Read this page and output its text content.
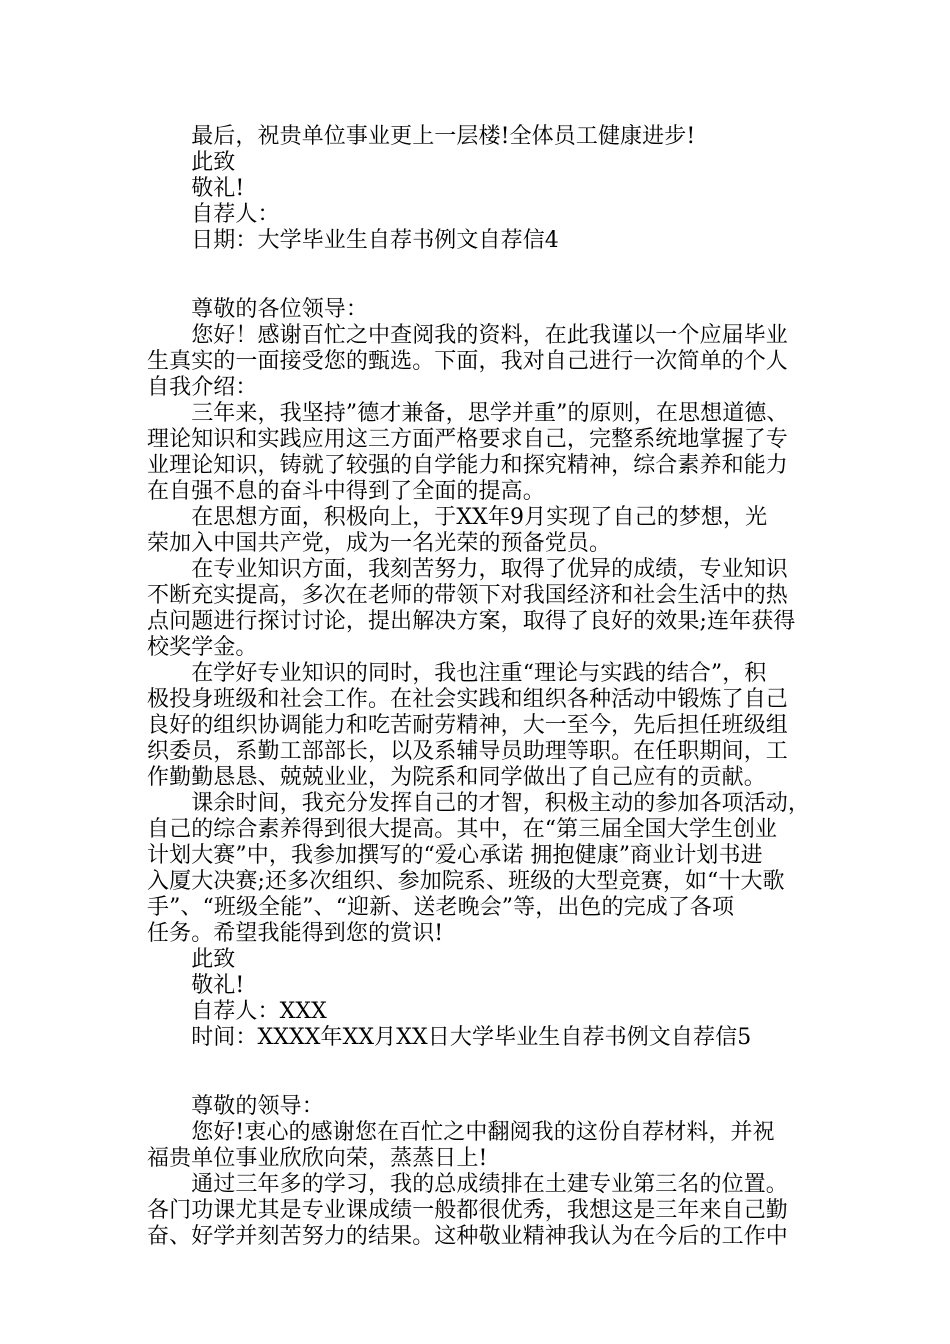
　　最后，祝贵单位事业更上一层楼!全体员工健康进步!
　　此致
　　敬礼!
　　自荐人：
　　日期：大学毕业生自荐书例文自荐信4
　　尊敬的各位领导：
　　您好！感谢百忙之中查阅我的资料，在此我谨以一个应届毕业
生真实的一面接受您的甄选。下面，我对自己进行一次简单的个人
自我介绍：
　　三年来，我坚持”德才兼备，思学并重”的原则，在思想道德、
理论知识和实践应用这三方面严格要求自己，完整系统地掌握了专
业理论知识，铸就了较强的自学能力和探究精神，综合素养和能力
在自强不息的奋斗中得到了全面的提高。
　　在思想方面，积极向上，于XX年9月实现了自己的梦想，光
荣加入中国共产党，成为一名光荣的预备党员。
　　在专业知识方面，我刻苦努力，取得了优异的成绩，专业知识
不断充实提高，多次在老师的带领下对我国经济和社会生活中的热
点问题进行探讨讨论，提出解决方案，取得了良好的效果;连年获得
校奖学金。
　　在学好专业知识的同时，我也注重“理论与实践的结合”，积
极投身班级和社会工作。在社会实践和组织各种活动中锻炼了自己
良好的组织协调能力和吃苦耐劳精神，大一至今，先后担任班级组
织委员，系勤工部部长，以及系辅导员助理等职。在任职期间，工
作勤勤恳恳、兢兢业业，为院系和同学做出了自己应有的贡献。
　　课余时间，我充分发挥自己的才智，积极主动的参加各项活动，
自己的综合素养得到很大提高。其中，在“第三届全国大学生创业
计划大赛”中，我参加撰写的“爱心承诺 拥抱健康”商业计划书进
入厦大决赛;还多次组织、参加院系、班级的大型竞赛，如“十大歌
手”、“班级全能”、“迎新、送老晚会”等，出色的完成了各项
任务。希望我能得到您的赏识!
　　此致
　　敬礼!
　　自荐人：XXX
　　时间：XXXX年XX月XX日大学毕业生自荐书例文自荐信5
　　尊敬的领导：
　　您好!衷心的感谢您在百忙之中翻阅我的这份自荐材料，并祝
福贵单位事业欣欣向荣，蒸蒸日上!
　　通过三年多的学习，我的总成绩排在土建专业第三名的位置。
各门功课尤其是专业课成绩一般都很优秀，我想这是三年来自己勤
奋、好学并刻苦努力的结果。这种敬业精神我认为在今后的工作中
